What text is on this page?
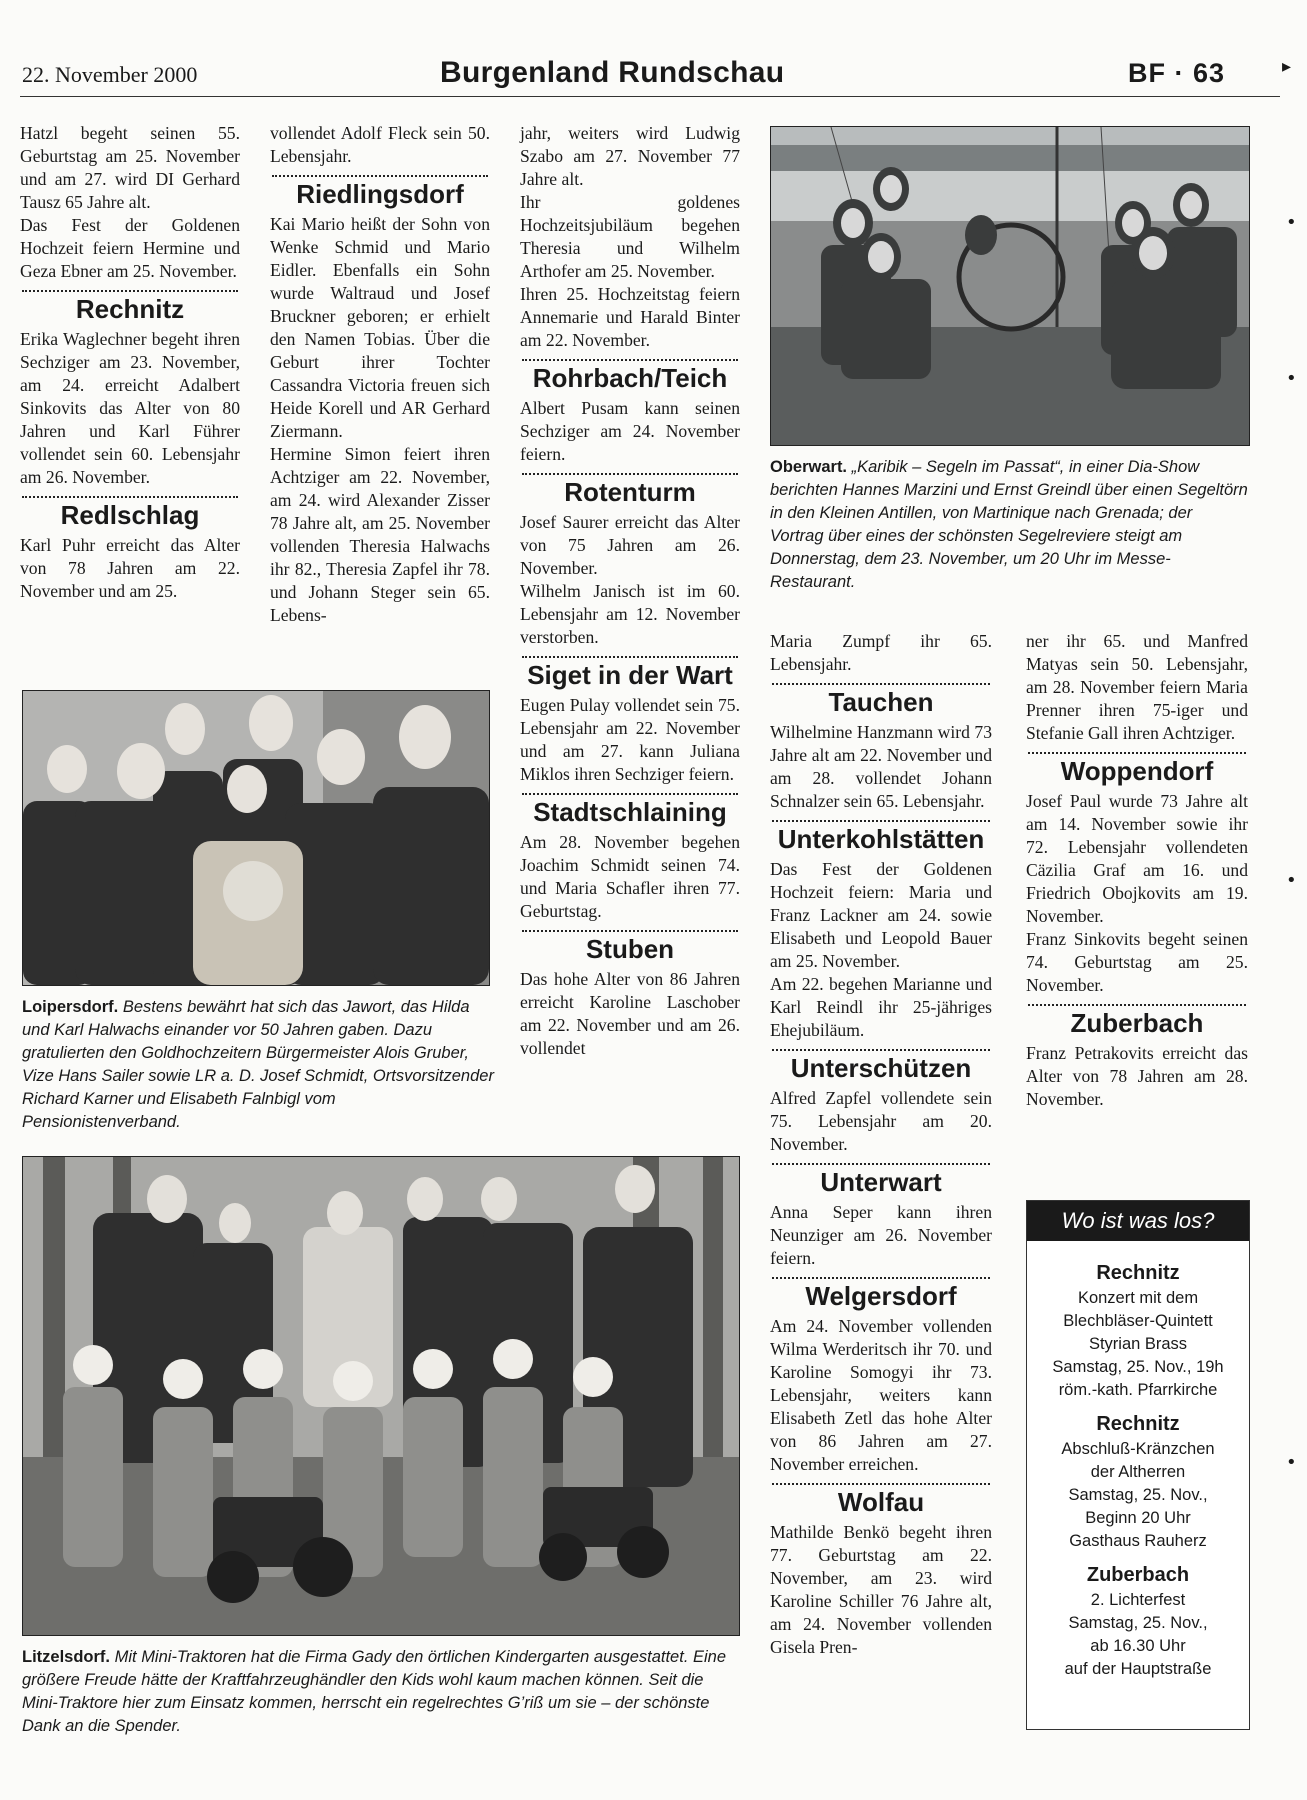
22. November 2000	Burgenland Rundschau	BF · 63	▸
•
•
•
•

Hatzl begeht seinen 55. Geburtstag am 25. November und am 27. wird DI Gerhard Tausz 65 Jahre alt.

Das Fest der Goldenen Hochzeit feiern Hermine und Geza Ebner am 25. November.

Rechnitz

Erika Waglechner begeht ihren Sechziger am 23. November, am 24. erreicht Adalbert Sinkovits das Alter von 80 Jahren und Karl Führer vollendet sein 60. Lebensjahr am 26. November.

Redlschlag

Karl Puhr erreicht das Alter von 78 Jahren am 22. November und am 25.

vollendet Adolf Fleck sein 50. Lebensjahr.

Riedlingsdorf

Kai Mario heißt der Sohn von Wenke Schmid und Mario Eidler. Ebenfalls ein Sohn wurde Waltraud und Josef Bruckner geboren; er erhielt den Namen Tobias. Über die Geburt ihrer Tochter Cassandra Victoria freuen sich Heide Korell und AR Gerhard Ziermann.

Hermine Simon feiert ihren Achtziger am 22. November, am 24. wird Alexander Zisser 78 Jahre alt, am 25. November vollenden Theresia Halwachs ihr 82., Theresia Zapfel ihr 78. und Johann Steger sein 65. Lebens-

jahr, weiters wird Ludwig Szabo am 27. November 77 Jahre alt.

Ihr goldenes Hochzeitsjubiläum begehen Theresia und Wilhelm Arthofer am 25. November.

Ihren 25. Hochzeitstag feiern Annemarie und Harald Binter am 22. November.

Rohrbach/Teich

Albert Pusam kann seinen Sechziger am 24. November feiern.

Rotenturm

Josef Saurer erreicht das Alter von 75 Jahren am 26. November.

Wilhelm Janisch ist im 60. Lebensjahr am 12. November verstorben.

Siget in der Wart

Eugen Pulay vollendet sein 75. Lebensjahr am 22. November und am 27. kann Juliana Miklos ihren Sechziger feiern.

Stadtschlaining

Am 28. November begehen Joachim Schmidt seinen 74. und Maria Schafler ihren 77. Geburtstag.

Stuben

Das hohe Alter von 86 Jahren erreicht Karoline Laschober am 22. November und am 26. vollendet

Oberwart. „Karibik – Segeln im Passat“, in einer Dia-Show berichten Hannes Marzini und Ernst Greindl über einen Segeltörn in den Kleinen Antillen, von Martinique nach Grenada; der Vortrag über eines der schönsten Segelreviere steigt am Donnerstag, dem 23. November, um 20 Uhr im Messe-Restaurant.

Maria Zumpf ihr 65. Lebensjahr.

Tauchen

Wilhelmine Hanzmann wird 73 Jahre alt am 22. November und am 28. vollendet Johann Schnalzer sein 65. Lebensjahr.

Unterkohlstätten

Das Fest der Goldenen Hochzeit feiern: Maria und Franz Lackner am 24. sowie Elisabeth und Leopold Bauer am 25. November.

Am 22. begehen Marianne und Karl Reindl ihr 25-jähriges Ehejubiläum.

Unterschützen

Alfred Zapfel vollendete sein 75. Lebensjahr am 20. November.

Unterwart

Anna Seper kann ihren Neunziger am 26. November feiern.

Welgersdorf

Am 24. November vollenden Wilma Werderitsch ihr 70. und Karoline Somogyi ihr 73. Lebensjahr, weiters kann Elisabeth Zetl das hohe Alter von 86 Jahren am 27. November erreichen.

Wolfau

Mathilde Benkö begeht ihren 77. Geburtstag am 22. November, am 23. wird Karoline Schiller 76 Jahre alt, am 24. November vollenden Gisela Pren-

ner ihr 65. und Manfred Matyas sein 50. Lebensjahr, am 28. November feiern Maria Prenner ihren 75-iger und Stefanie Gall ihren Achtziger.

Woppendorf

Josef Paul wurde 73 Jahre alt am 14. November sowie ihr 72. Lebensjahr vollendeten Cäzilia Graf am 16. und Friedrich Obojkovits am 19. November.

Franz Sinkovits begeht seinen 74. Geburtstag am 25. November.

Zuberbach

Franz Petrakovits erreicht das Alter von 78 Jahren am 28. November.

Loipersdorf. Bestens bewährt hat sich das Jawort, das Hilda und Karl Halwachs einander vor 50 Jahren gaben. Dazu gratulierten den Goldhochzeitern Bürgermeister Alois Gruber, Vize Hans Sailer sowie LR a. D. Josef Schmidt, Ortsvorsitzender Richard Karner und Elisabeth Falnbigl vom Pensionistenverband.
Litzelsdorf. Mit Mini-Traktoren hat die Firma Gady den örtlichen Kindergarten ausgestattet. Eine größere Freude hätte der Kraftfahrzeughändler den Kids wohl kaum machen können. Seit die Mini-Traktore hier zum Einsatz kommen, herrscht ein regelrechtes G’riß um sie – der schönste Dank an die Spender.
Wo ist was los?
Rechnitz
Konzert mit dem
Blechbläser-Quintett
Styrian Brass
Samstag, 25. Nov., 19h
röm.-kath. Pfarrkirche
Rechnitz
Abschluß-Kränzchen
der Altherren
Samstag, 25. Nov.,
Beginn 20 Uhr
Gasthaus Rauherz
Zuberbach
2. Lichterfest
Samstag, 25. Nov.,
ab 16.30 Uhr
auf der Hauptstraße
